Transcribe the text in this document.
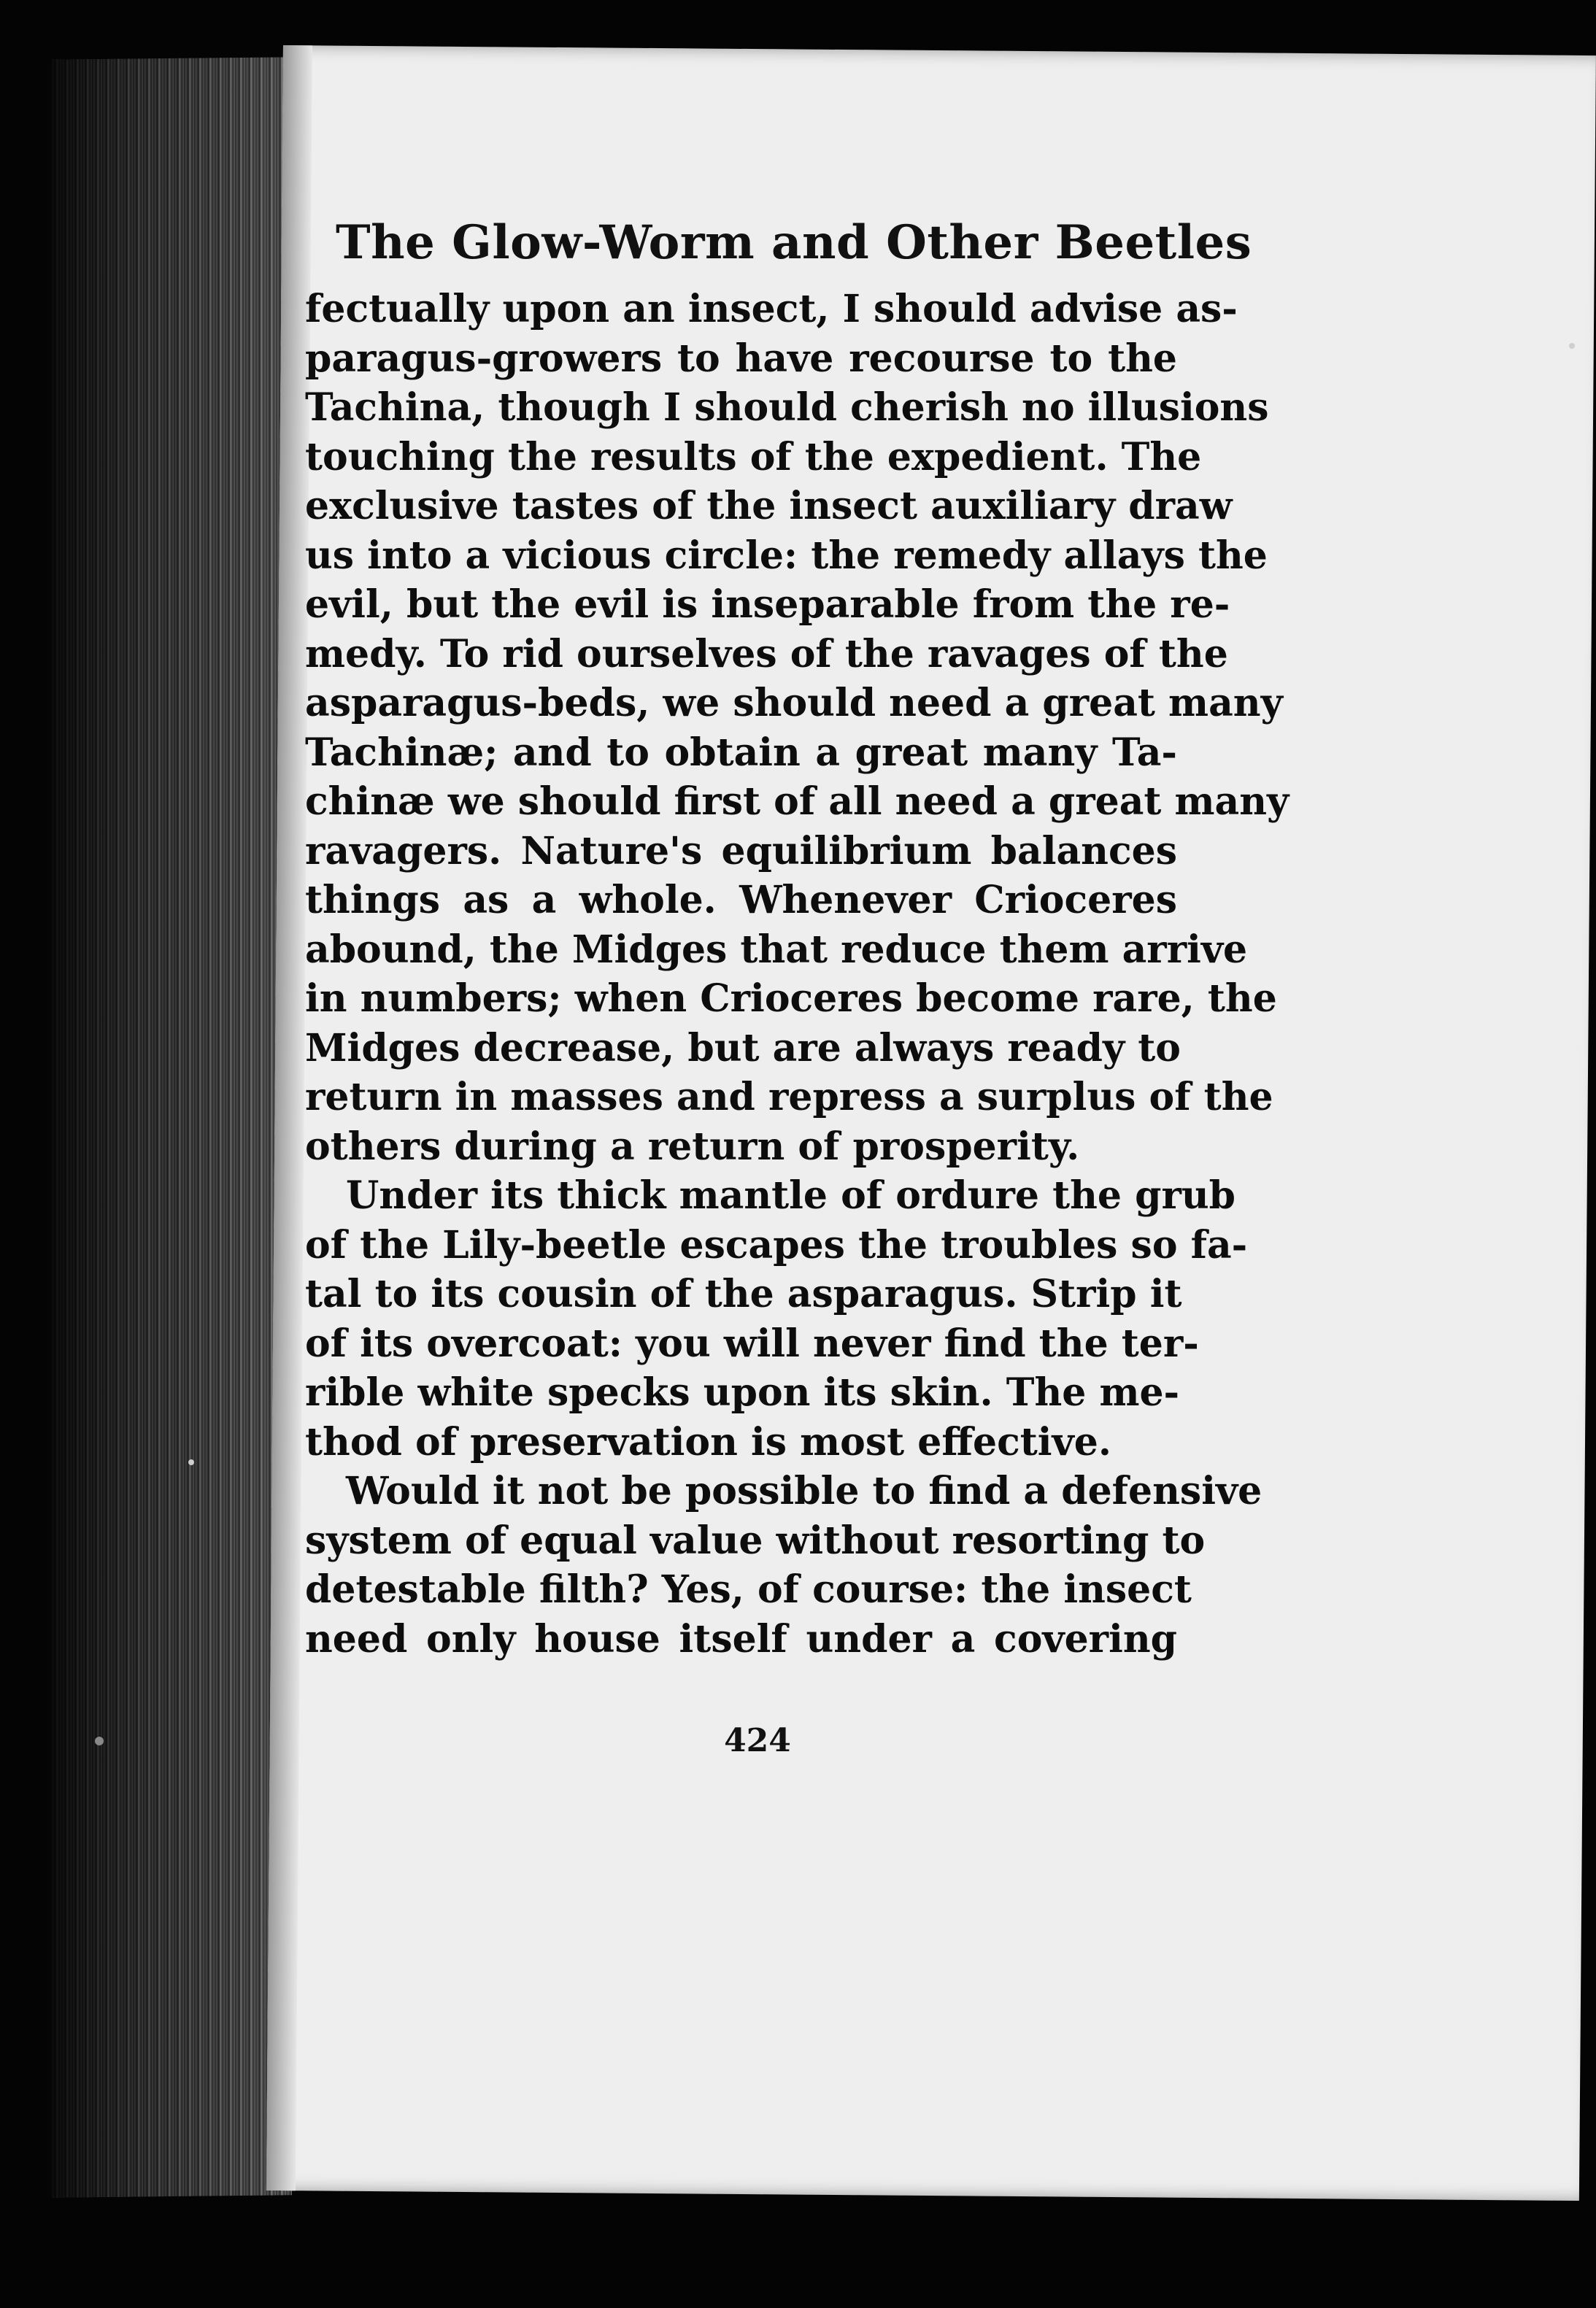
The Glow-Worm and Other Beetles
fectually upon an insect, I should advise as-
paragus-growers to have recourse to the
Tachina, though I should cherish no illusions
touching the results of the expedient. The
exclusive tastes of the insect auxiliary draw
us into a vicious circle: the remedy allays the
evil, but the evil is inseparable from the re-
medy. To rid ourselves of the ravages of the
asparagus-beds, we should need a great many
Tachinæ; and to obtain a great many Ta-
chinæ we should first of all need a great many
ravagers. Nature's equilibrium balances
things as a whole. Whenever Crioceres
abound, the Midges that reduce them arrive
in numbers; when Crioceres become rare, the
Midges decrease, but are always ready to
return in masses and repress a surplus of the
others during a return of prosperity.
Under its thick mantle of ordure the grub
of the Lily-beetle escapes the troubles so fa-
tal to its cousin of the asparagus. Strip it
of its overcoat: you will never find the ter-
rible white specks upon its skin. The me-
thod of preservation is most effective.
Would it not be possible to find a defensive
system of equal value without resorting to
detestable filth? Yes, of course: the insect
need only house itself under a covering

424
